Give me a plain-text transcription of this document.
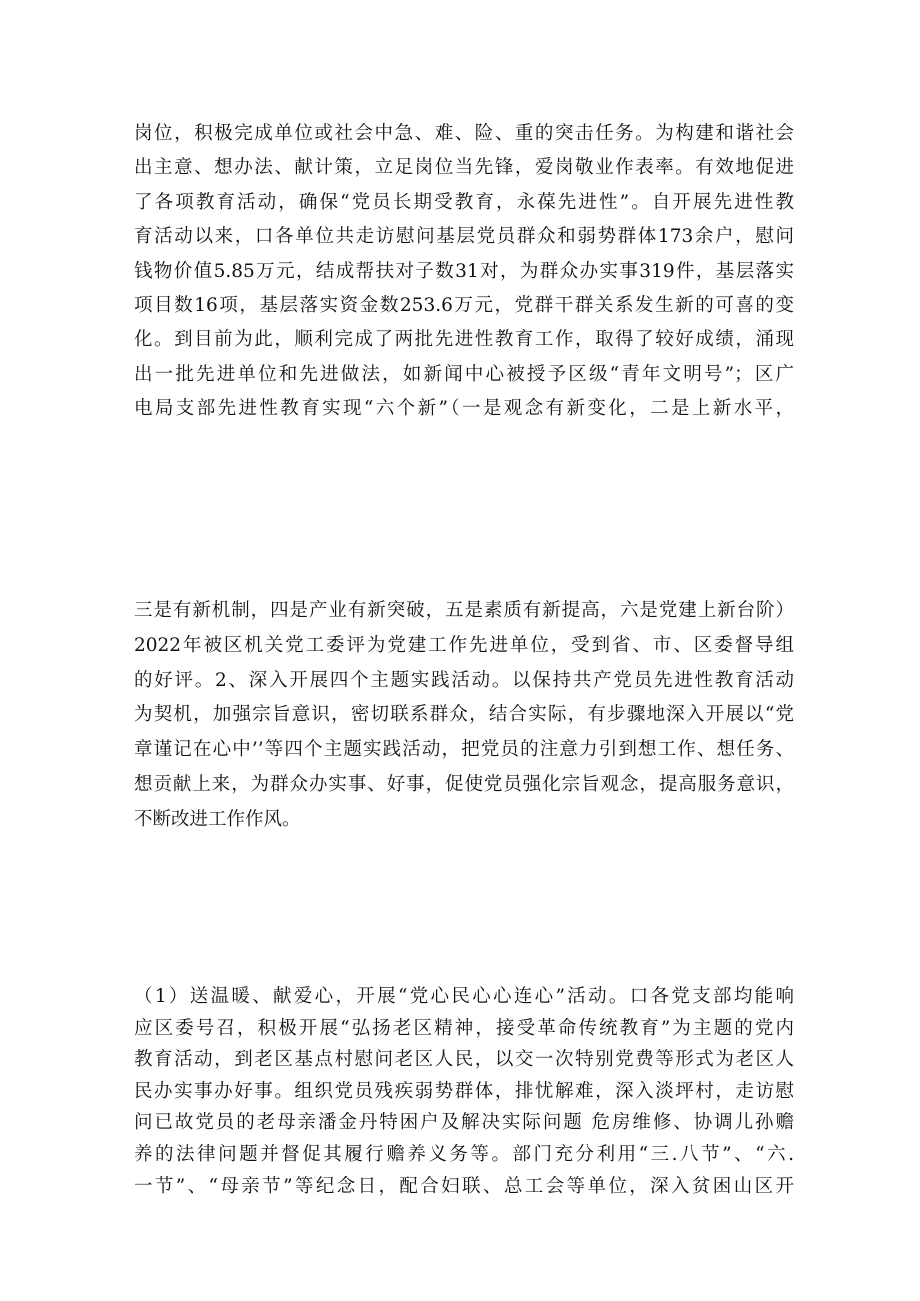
岗位，积极完成单位或社会中急、难、险、重的突击任务。为构建和谐社会
出主意、想办法、献计策，立足岗位当先锋，爱岗敬业作表率。有效地促进
了各项教育活动，确保“党员长期受教育，永葆先进性”。自开展先进性教
育活动以来，口各单位共走访慰问基层党员群众和弱势群体173余户，慰问
钱物价值5.85万元，结成帮扶对子数31对，为群众办实事319件，基层落实
项目数16项，基层落实资金数253.6万元，党群干群关系发生新的可喜的变
化。到目前为此，顺利完成了两批先进性教育工作，取得了较好成绩，涌现
出一批先进单位和先进做法，如新闻中心被授予区级“青年文明号”；区广
电局支部先进性教育实现“六个新”（一是观念有新变化，二是上新水平，
三是有新机制，四是产业有新突破，五是素质有新提高，六是党建上新台阶）
2022年被区机关党工委评为党建工作先进单位，受到省、市、区委督导组
的好评。2、深入开展四个主题实践活动。以保持共产党员先进性教育活动
为契机，加强宗旨意识，密切联系群众，结合实际，有步骤地深入开展以“党
章谨记在心中’’等四个主题实践活动，把党员的注意力引到想工作、想任务、
想贡献上来，为群众办实事、好事，促使党员强化宗旨观念，提高服务意识，
不断改进工作作风。
（1）送温暖、献爱心，开展“党心民心心连心”活动。口各党支部均能响
应区委号召，积极开展“弘扬老区精神，接受革命传统教育”为主题的党内
教育活动，到老区基点村慰问老区人民，以交一次特别党费等形式为老区人
民办实事办好事。组织党员残疾弱势群体，排忧解难，深入淡坪村，走访慰
问已故党员的老母亲潘金丹特困户及解决实际问题 危房维修、协调儿孙赡
养的法律问题并督促其履行赡养义务等。部门充分利用“三.八节”、“六.
一节”、“母亲节”等纪念日，配合妇联、总工会等单位，深入贫困山区开
